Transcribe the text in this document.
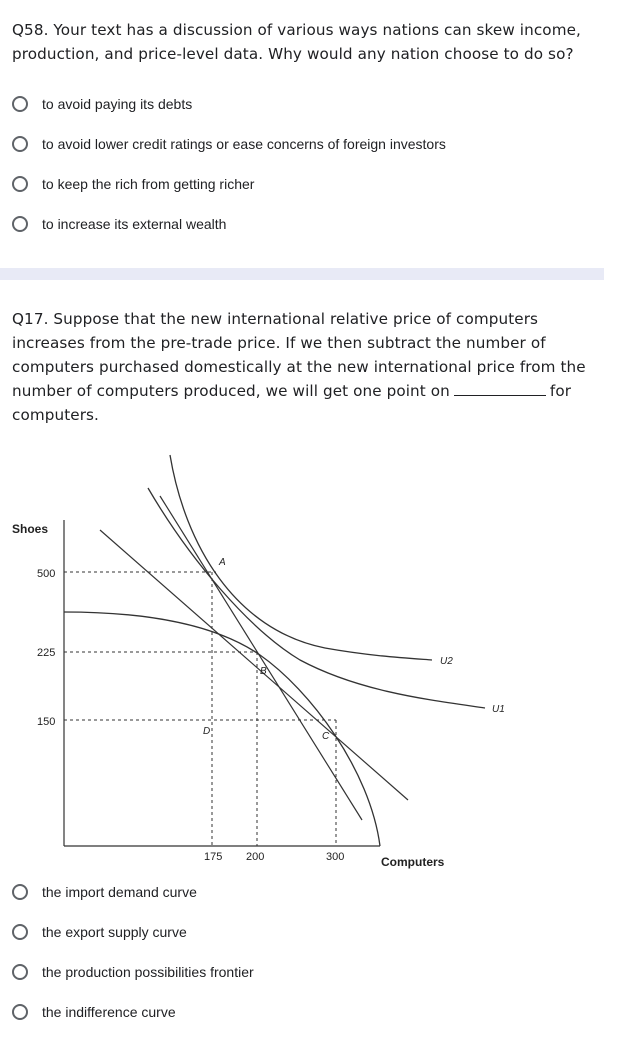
Q58. Your text has a discussion of various ways nations can skew income,
production, and price-level data. Why would any nation choose to do so?
to avoid paying its debts
to avoid lower credit ratings or ease concerns of foreign investors
to keep the rich from getting richer
to increase its external wealth
Q17. Suppose that the new international relative price of computers
increases from the pre-trade price. If we then subtract the number of
computers purchased domestically at the new international price from the
number of computers produced, we will get one point on	for
computers.
Shoes
Computers
500
225
150
175 200	300
A
B
C
D
U2
U1
the import demand curve
the export supply curve
the production possibilities frontier
the indifference curve
